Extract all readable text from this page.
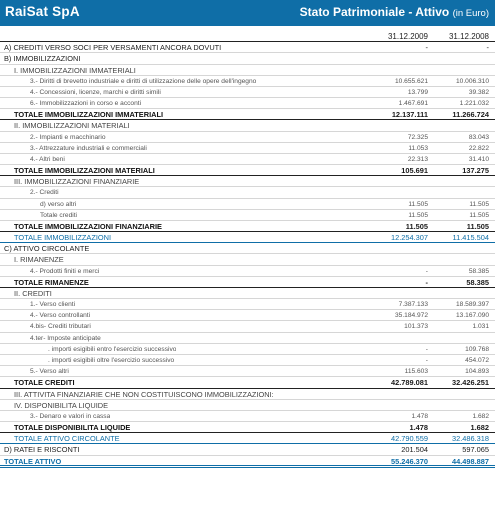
RaiSat SpA	Stato Patrimoniale - Attivo (in Euro)
31.12.2009	31.12.2008
A) CREDITI VERSO SOCI PER VERSAMENTI ANCORA DOVUTI	-	-
B) IMMOBILIZZAZIONI
I. IMMOBILIZZAZIONI IMMATERIALI
3.- Diritti di brevetto industriale e diritti di utilizzazione delle opere dell'ingegno	10.655.621	10.006.310
4.- Concessioni, licenze, marchi e diritti simili	13.799	39.382
6.- Immobilizzazioni in corso e acconti	1.467.691	1.221.032
TOTALE IMMOBILIZZAZIONI IMMATERIALI	12.137.111	11.266.724
II. IMMOBILIZZAZIONI MATERIALI
2.- Impianti e macchinario	72.325	83.043
3.- Attrezzature industriali e commerciali	11.053	22.822
4.- Altri beni	22.313	31.410
TOTALE IMMOBILIZZAZIONI MATERIALI	105.691	137.275
III. IMMOBILIZZAZIONI FINANZIARIE
2.- Crediti
d) verso altri	11.505	11.505
Totale crediti	11.505	11.505
TOTALE IMMOBILIZZAZIONI FINANZIARIE	11.505	11.505
TOTALE IMMOBILIZZAZIONI	12.254.307	11.415.504
C) ATTIVO CIRCOLANTE
I. RIMANENZE
4.- Prodotti finiti e merci	-	58.385
TOTALE RIMANENZE	-	58.385
II. CREDITI
1.- Verso clienti	7.387.133	18.589.397
4.- Verso controllanti	35.184.972	13.167.090
4.bis- Crediti tributari	101.373	1.031
4.ter- Imposte anticipate
. importi esigibili entro l'esercizio successivo	-	109.768
. importi esigibili oltre l'esercizio successivo	-	454.072
5.- Verso altri	115.603	104.893
TOTALE CREDITI	42.789.081	32.426.251
III. ATTIVITA FINANZIARIE CHE NON COSTITUISCONO IMMOBILIZZAZIONI:
IV. DISPONIBILITA LIQUIDE
3.- Denaro e valori in cassa	1.478	1.682
TOTALE DISPONIBILITA LIQUIDE	1.478	1.682
TOTALE ATTIVO CIRCOLANTE	42.790.559	32.486.318
D) RATEI E RISCONTI	201.504	597.065
TOTALE ATTIVO	55.246.370	44.498.887
